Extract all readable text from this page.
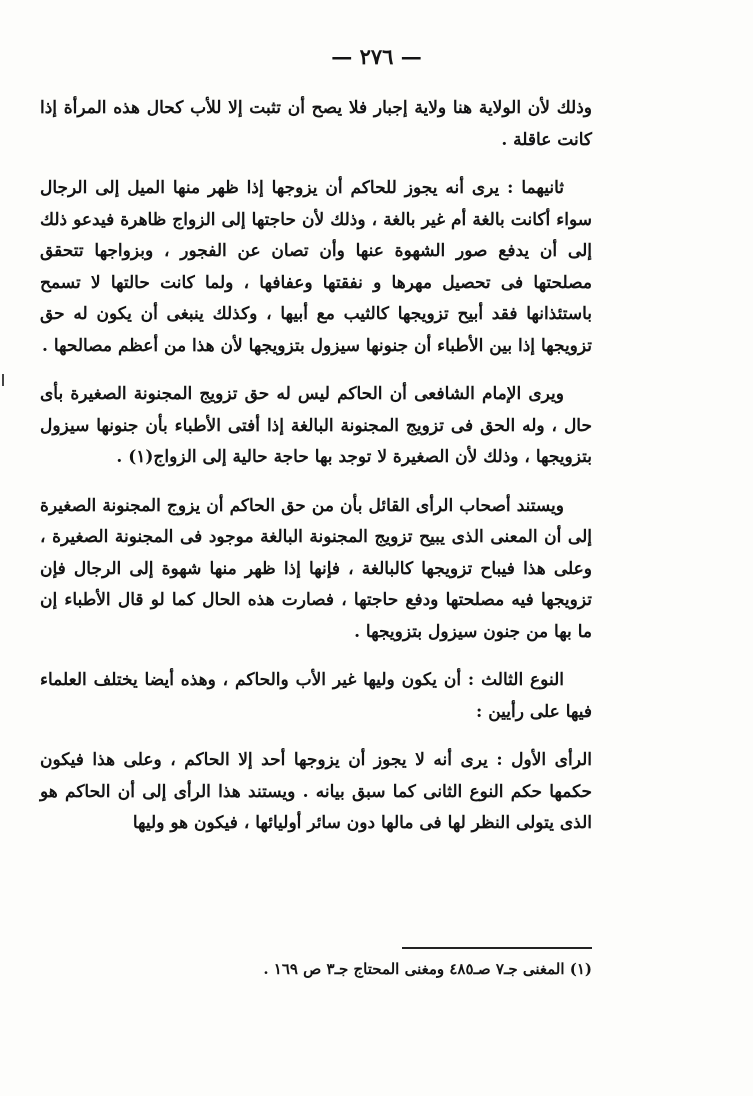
— ٢٧٦ —

وذلك لأن الولاية هنا ولاية إجبار فلا يصح أن تثبت إلا للأب كحال هذه المرأة إذا كانت عاقلة .

ثانيهما : يرى أنه يجوز للحاكم أن يزوجها إذا ظهر منها الميل إلى الرجال سواء أكانت بالغة أم غير بالغة ، وذلك لأن حاجتها إلى الزواج ظاهرة فيدعو ذلك إلى أن يدفع صور الشهوة عنها وأن تصان عن الفجور ، وبزواجها تتحقق مصلحتها فى تحصيل مهرها و نفقتها وعفافها ، ولما كانت حالتها لا تسمح باستئذانها فقد أبيح تزويجها كالثيب مع أبيها ، وكذلك ينبغى أن يكون له حق تزويجها إذا بين الأطباء أن جنونها سيزول بتزويجها لأن هذا من أعظم مصالحها .

ويرى الإمام الشافعى أن الحاكم ليس له حق تزويج المجنونة الصغيرة بأى حال ، وله الحق فى تزويج المجنونة البالغة إذا أفتى الأطباء بأن جنونها سيزول بتزويجها ، وذلك لأن الصغيرة لا توجد بها حاجة حالية إلى الزواج(١) .

ويستند أصحاب الرأى القائل بأن من حق الحاكم أن يزوج المجنونة الصغيرة إلى أن المعنى الذى يبيح تزويج المجنونة البالغة موجود فى المجنونة الصغيرة ، وعلى هذا فيباح تزويجها كالبالغة ، فإنها إذا ظهر منها شهوة إلى الرجال فإن تزويجها فيه مصلحتها ودفع حاجتها ، فصارت هذه الحال كما لو قال الأطباء إن ما بها من جنون سيزول بتزويجها .

النوع الثالث : أن يكون وليها غير الأب والحاكم ، وهذه أيضا يختلف العلماء فيها على رأيين :

الرأى الأول : يرى أنه لا يجوز أن يزوجها أحد إلا الحاكم ، وعلى هذا فيكون حكمها حكم النوع الثانى كما سبق بيانه . ويستند هذا الرأى إلى أن الحاكم هو الذى يتولى النظر لها فى مالها دون سائر أوليائها ، فيكون هو وليها

(١) المغنى جـ٧ صـ٤٨٥ ومغنى المحتاج جـ٣ ص ١٦٩ .
